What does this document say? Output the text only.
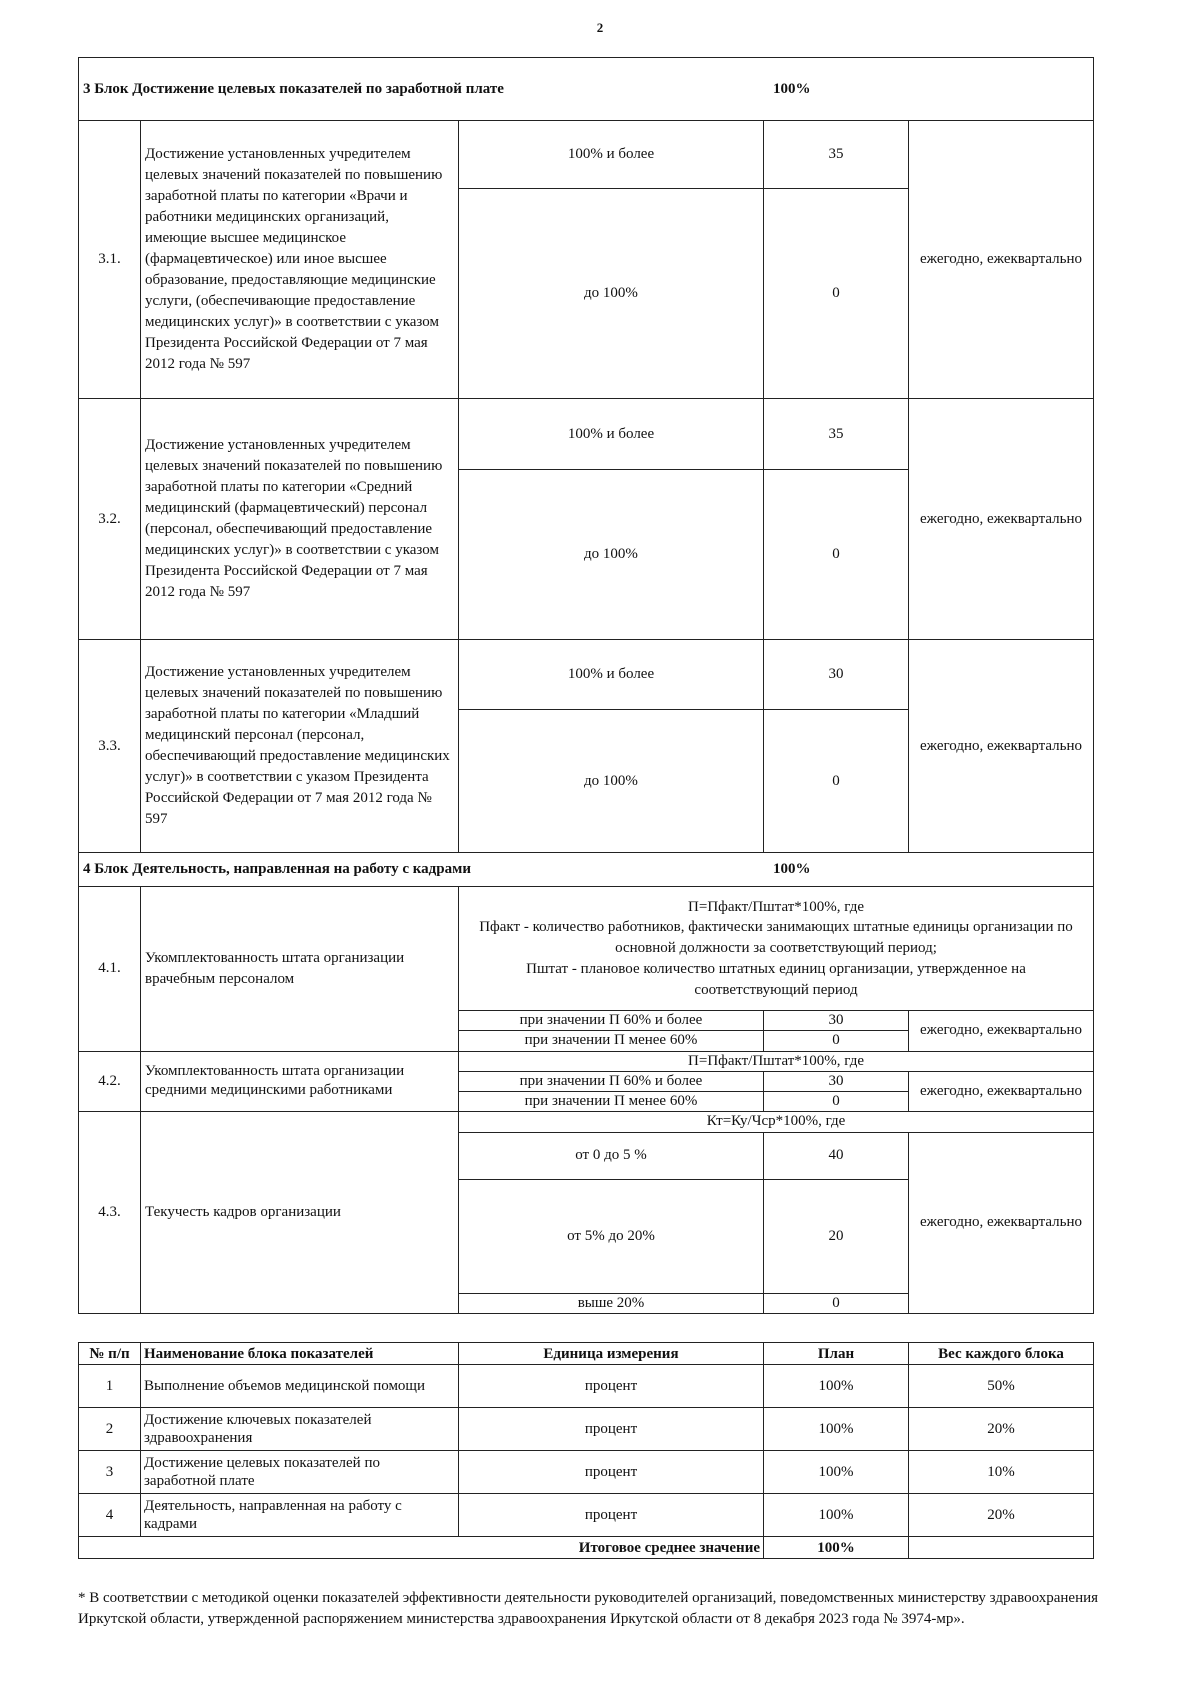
2
3 Блок Достижение целевых показателей по заработной плате 100%				

3.1.	Достижение установленных учредителем целевых значений показателей по повышению заработной платы по категории «Врачи и работники медицинских организаций, имеющие высшее медицинское (фармацевтическое) или иное высшее образование, предоставляющие медицинские услуги, (обеспечивающие предоставление медицинских услуг)» в соответствии с указом Президента Российской Федерации от 7 мая 2012 года № 597	100% и более	35	ежегодно, ежеквартально
		до 100%	0	
3.2.	Достижение установленных учредителем целевых значений показателей по повышению заработной платы по категории «Средний медицинский (фармацевтический) персонал (персонал, обеспечивающий предоставление медицинских услуг)» в соответствии с указом Президента Российской Федерации от 7 мая 2012 года № 597	100% и более	35	ежегодно, ежеквартально
		до 100%	0	
3.3.	Достижение установленных учредителем целевых значений показателей по повышению заработной платы по категории «Младший медицинский персонал (персонал, обеспечивающий предоставление медицинских услуг)» в соответствии с указом Президента Российской Федерации от 7 мая 2012 года № 597	100% и более	30	ежегодно, ежеквартально
		до 100%	0	

4 Блок Деятельность, направленная на работу с кадрами 100%				

4.1.	Укомплектованность штата организации врачебным персоналом	П=Пфакт/Пштат*100%, где
Пфакт - количество работников, фактически занимающих штатные единицы организации по основной должности за соответствующий период;
Пштат - плановое количество штатных единиц организации, утвержденное на соответствующий период		

		при значении П 60% и более	30	ежегодно, ежеквартально
		при значении П менее 60%	0	
4.2.	Укомплектованность штата организации средними медицинскими работниками	П=Пфакт/Пштат*100%, где		
		при значении П 60% и более	30	ежегодно, ежеквартально
		при значении П менее 60%	0	
4.3.	Текучесть кадров организации	Кт=Ку/Чср*100%, где		
		от 0 до 5 %	40	ежегодно, ежеквартально
		от 5% до 20%	20	
		выше 20%	0	
№ п/п	Наименование блока показателей	Единица измерения	План	Вес каждого блока
1	Выполнение объемов медицинской помощи	процент	100%	50%
2	Достижение ключевых показателей здравоохранения	процент	100%	20%
3	Достижение целевых показателей по заработной плате	процент	100%	10%
4	Деятельность, направленная на работу с кадрами	процент	100%	20%
Итоговое среднее значение			100%	
* В соответствии с методикой оценки показателей эффективности деятельности руководителей организаций, поведомственных министерству здравоохранения Иркутской области, утвержденной распоряжением министерства здравоохранения Иркутской области от 8 декабря 2023 года № 3974-мр».
